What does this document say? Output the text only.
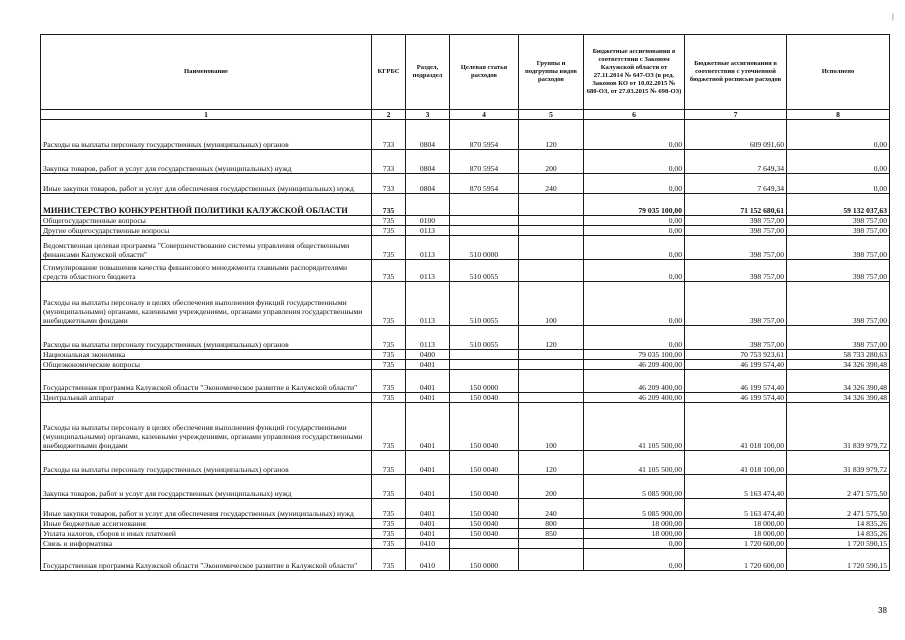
|
Наименование	КГРБС	Раздел, подраздел	Целевая статья расходов	Группы и подгруппы видов расходов	Бюджетные ассигнования в соответствии с Законом Калужской области от 27.11.2014 № 647-ОЗ (в ред. Законов КО от 10.02.2015 № 680-ОЗ, от 27.03.2015 № 698-ОЗ)	Бюджетные ассигнования в соответствии с уточненной бюджетной росписью расходов	Исполнено
1	2	3	4	5	6	7	8
Расходы на выплаты персоналу государственных (муниципальных) органов	733	0804	870 5954	120	0,00	609 091,60	0,00
Закупка товаров, работ и услуг для государственных (муниципальных) нужд	733	0804	870 5954	200	0,00	7 649,34	0,00
Иные закупки товаров, работ и услуг для обеспечения государственных (муниципальных) нужд	733	0804	870 5954	240	0,00	7 649,34	0,00
МИНИСТЕРСТВО КОНКУРЕНТНОЙ ПОЛИТИКИ КАЛУЖСКОЙ ОБЛАСТИ	735				79 035 100,00	71 152 680,61	59 132 037,63
Общегосударственные вопросы	735	0100			0,00	398 757,00	398 757,00
Другие общегосударственные вопросы	735	0113			0,00	398 757,00	398 757,00
Ведомственная целевая программа "Совершенствование системы управления общественными финансами Калужской области"	735	0113	510 0000		0,00	398 757,00	398 757,00
Стимулирование повышения качества финансового менеджмента главными распорядителями средств областного бюджета	735	0113	510 0055		0,00	398 757,00	398 757,00
Расходы на выплаты персоналу в целях обеспечения выполнения функций государственными (муниципальными) органами, казенными учреждениями, органами управления государственными внебюджетными фондами	735	0113	510 0055	100	0,00	398 757,00	398 757,00
Расходы на выплаты персоналу государственных (муниципальных) органов	735	0113	510 0055	120	0,00	398 757,00	398 757,00
Национальная экономика	735	0400			79 035 100,00	70 753 923,61	58 733 280,63
Общеэкономические вопросы	735	0401			46 209 400,00	46 199 574,40	34 326 390,48
Государственная программа Калужской области "Экономическое развитие в Калужской области"	735	0401	150 0000		46 209 400,00	46 199 574,40	34 326 390,48
Центральный аппарат	735	0401	150 0040		46 209 400,00	46 199 574,40	34 326 390,48
Расходы на выплаты персоналу в целях обеспечения выполнения функций государственными (муниципальными) органами, казенными учреждениями, органами управления государственными внебюджетными фондами	735	0401	150 0040	100	41 105 500,00	41 018 100,00	31 839 979,72
Расходы на выплаты персоналу государственных (муниципальных) органов	735	0401	150 0040	120	41 105 500,00	41 018 100,00	31 839 979,72
Закупка товаров, работ и услуг для государственных (муниципальных) нужд	735	0401	150 0040	200	5 085 900,00	5 163 474,40	2 471 575,50
Иные закупки товаров, работ и услуг для обеспечения государственных (муниципальных) нужд	735	0401	150 0040	240	5 085 900,00	5 163 474,40	2 471 575,50
Иные бюджетные ассигнования	735	0401	150 0040	800	18 000,00	18 000,00	14 835,26
Уплата налогов, сборов и иных платежей	735	0401	150 0040	850	18 000,00	18 000,00	14 835,26
Связь и информатика	735	0410			0,00	1 720 600,00	1 720 590,15
Государственная программа Калужской области "Экономическое развитие в Калужской области"	735	0410	150 0000		0,00	1 720 600,00	1 720 590,15
38
